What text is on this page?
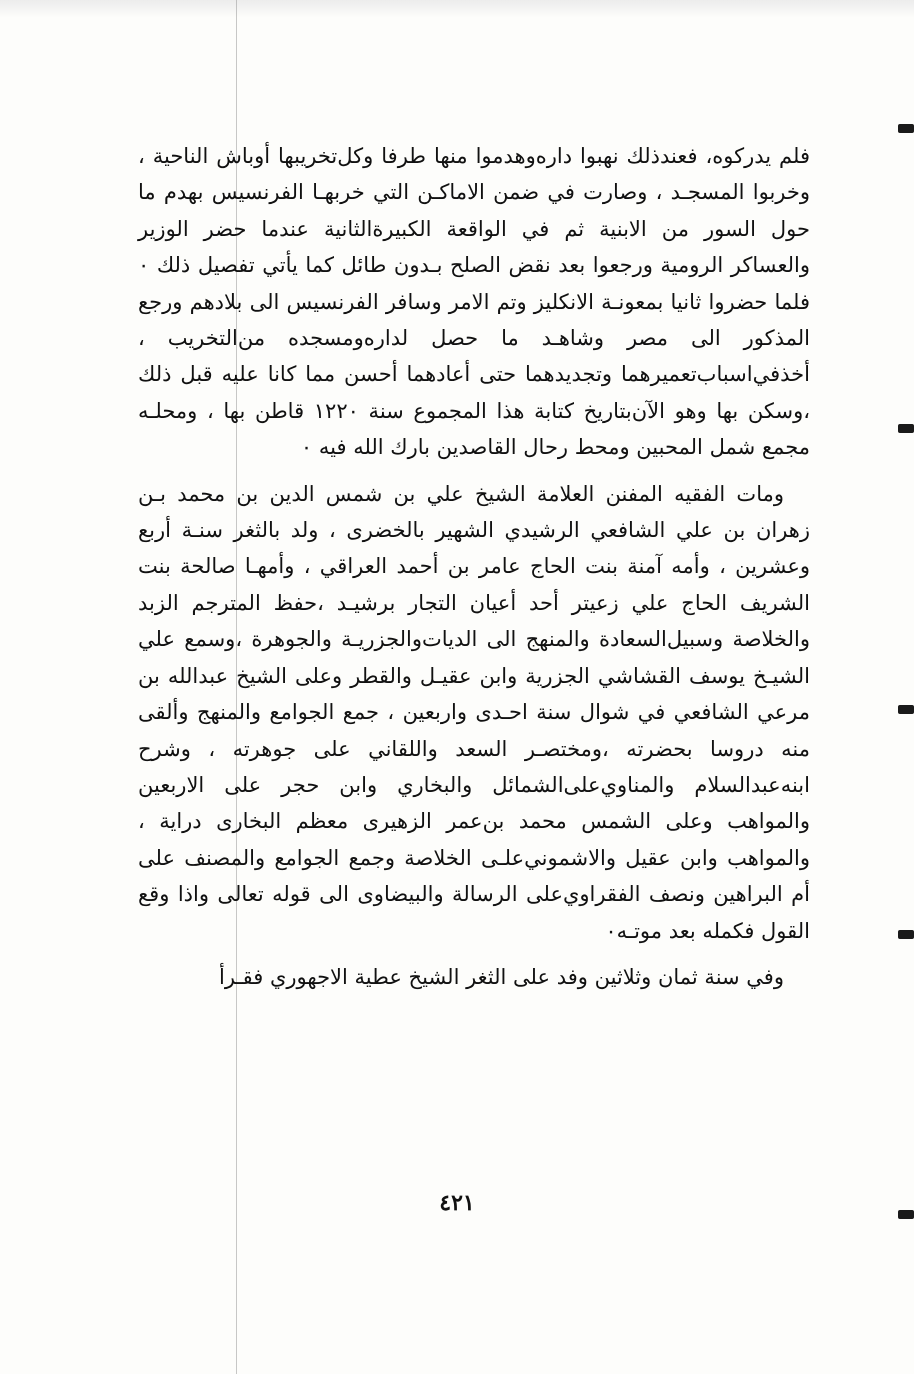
فلم يدركوه، فعندذلك نهبوا داره‌وهدموا منها طرفا وكل‌تخريبها أوباش الناحية ، وخربوا المسجـد ، وصارت في ضمن الاماكـن التي خربهـا الفرنسيس بهدم ما حول السور من الابنية ثم في الواقعة الكبيرةالثانية عندما حضر الوزير والعساكر الرومية ورجعوا بعد نقض الصلح بـدون طائل كما يأتي تفصيل ذلك ٠ فلما حضروا ثانيا بمعونـة الانكليز وتم الامر وسافر الفرنسيس الى بلادهم ورجع المذكور الى مصر وشاهـد ما حصل لداره‌ومسجده من‌التخريب ، أخذفي‌اسباب‌تعميرهما وتجديدهما حتى أعادهما أحسن مما كانا عليه قبل ذلك ،وسكن بها وهو الآن‌بتاريخ كتابة هذا المجموع سنة ١٢٢٠ قاطن بها ، ومحلـه مجمع شمل المحبين ومحط رحال القاصدين بارك الله فيه ٠

ومات الفقيه المفنن العلامة الشيخ علي بن شمس الدين بن محمد بـن زهران بن علي الشافعي الرشيدي الشهير بالخضرى ، ولد بالثغر سنـة أربع وعشرين ، وأمه آمنة بنت الحاج عامر بن أحمد العراقي ، وأمهـا صالحة بنت الشريف الحاج علي زعيتر أحد أعيان التجار برشيـد ،حفظ المترجم الزبد والخلاصة وسبيل‌السعادة والمنهج الى الديات‌والجزريـة والجوهرة ،وسمع علي الشيـخ يوسف القشاشي الجزرية وابن عقيـل والقطر وعلى الشيخ عبدالله بن مرعي الشافعي في شوال سنة احـدى واربعين ، جمع الجوامع والمنهج وألقى منه دروسا بحضرته ،ومختصـر السعد واللقاني على جوهرته ، وشرح ابنه‌عبدالسلام والمناوي‌على‌الشمائل والبخاري وابن حجر على الاربعين والمواهب وعلى الشمس محمد بن‌عمر الزهيرى معظم البخارى دراية ، والمواهب وابن عقيل والاشموني‌علـى الخلاصة وجمع الجوامع والمصنف على أم البراهين ونصف الفقراوي‌على الرسالة والبيضاوى الى قوله تعالى واذا وقع القول فكمله بعد موتـه٠

وفي سنة ثمان وثلاثين وفد على الثغر الشيخ عطية الاجهوري فقـرأ

٤٢١
